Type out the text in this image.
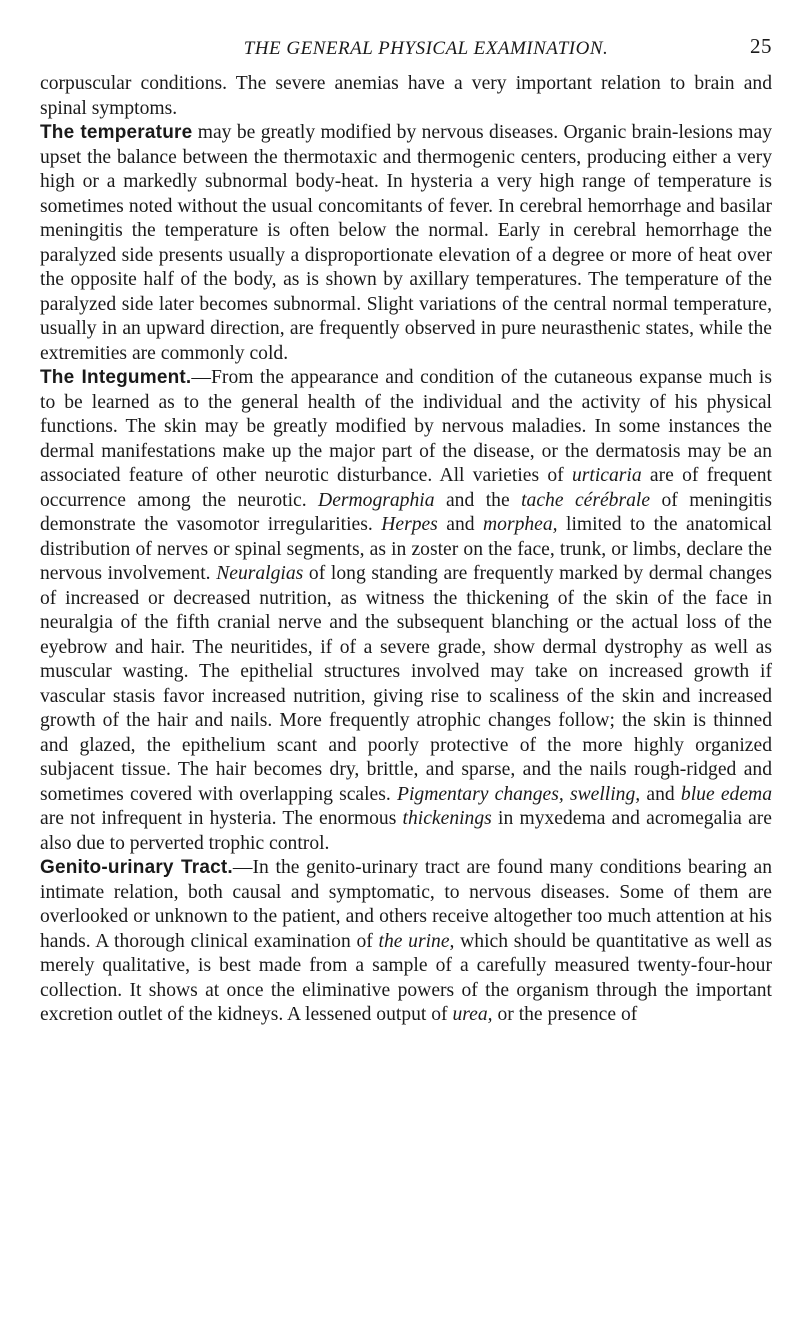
THE GENERAL PHYSICAL EXAMINATION.	25

corpuscular conditions. The severe anemias have a very important relation to brain and spinal symptoms.

The temperature may be greatly modified by nervous diseases. Organic brain-lesions may upset the balance between the thermotaxic and thermogenic centers, producing either a very high or a markedly subnormal body-heat. In hysteria a very high range of temperature is sometimes noted without the usual concomitants of fever. In cerebral hemorrhage and basilar meningitis the temperature is often below the normal. Early in cerebral hemorrhage the paralyzed side presents usually a disproportionate elevation of a degree or more of heat over the opposite half of the body, as is shown by axillary temperatures. The temperature of the paralyzed side later becomes subnormal. Slight variations of the central normal temperature, usually in an upward direction, are frequently observed in pure neurasthenic states, while the extremities are commonly cold.

The Integument.—From the appearance and condition of the cutaneous expanse much is to be learned as to the general health of the individual and the activity of his physical functions. The skin may be greatly modified by nervous maladies. In some instances the dermal manifestations make up the major part of the disease, or the dermatosis may be an associated feature of other neurotic disturbance. All varieties of urticaria are of frequent occurrence among the neurotic. Dermographia and the tache cérébrale of meningitis demonstrate the vasomotor irregularities. Herpes and morphea, limited to the anatomical distribution of nerves or spinal segments, as in zoster on the face, trunk, or limbs, declare the nervous involvement. Neuralgias of long standing are frequently marked by dermal changes of increased or decreased nutrition, as witness the thickening of the skin of the face in neuralgia of the fifth cranial nerve and the subsequent blanching or the actual loss of the eyebrow and hair. The neuritides, if of a severe grade, show dermal dystrophy as well as muscular wasting. The epithelial structures involved may take on increased growth if vascular stasis favor increased nutrition, giving rise to scaliness of the skin and increased growth of the hair and nails. More frequently atrophic changes follow; the skin is thinned and glazed, the epithelium scant and poorly protective of the more highly organized subjacent tissue. The hair becomes dry, brittle, and sparse, and the nails rough-ridged and sometimes covered with overlapping scales. Pigmentary changes, swelling, and blue edema are not infrequent in hysteria. The enormous thickenings in myxedema and acromegalia are also due to perverted trophic control.

Genito-urinary Tract.—In the genito-urinary tract are found many conditions bearing an intimate relation, both causal and symptomatic, to nervous diseases. Some of them are overlooked or unknown to the patient, and others receive altogether too much attention at his hands. A thorough clinical examination of the urine, which should be quantitative as well as merely qualitative, is best made from a sample of a carefully measured twenty-four-hour collection. It shows at once the eliminative powers of the organism through the important excretion outlet of the kidneys. A lessened output of urea, or the presence of
